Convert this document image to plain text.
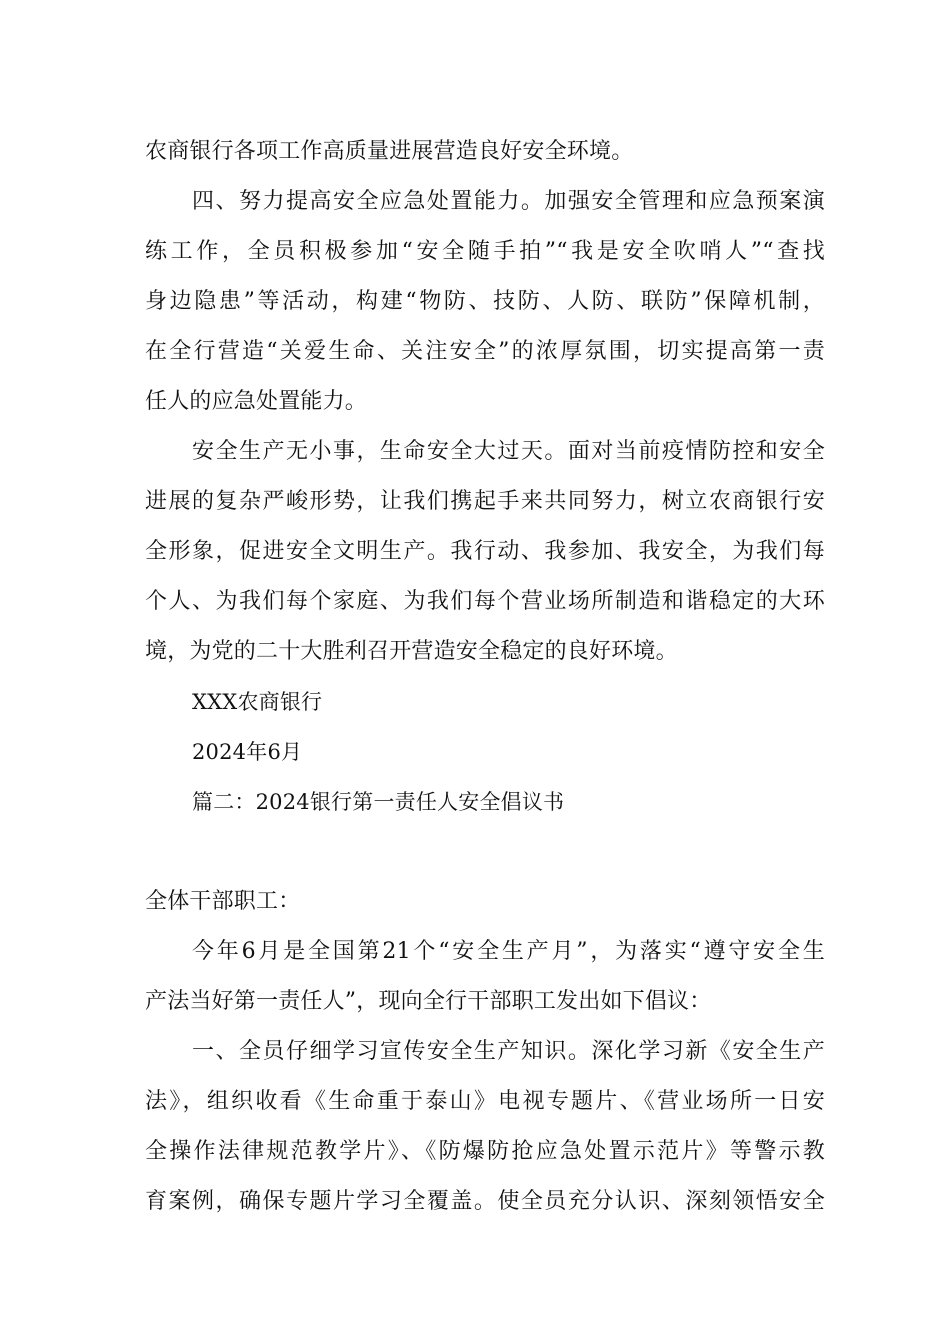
农商银行各项工作高质量进展营造良好安全环境。
四、努力提高安全应急处置能力。加强安全管理和应急预案演
练工作，全员积极参加“安全随手拍”“我是安全吹哨人”“查找
身边隐患”等活动，构建“物防、技防、人防、联防”保障机制，
在全行营造“关爱生命、关注安全”的浓厚氛围，切实提高第一责
任人的应急处置能力。
安全生产无小事，生命安全大过天。面对当前疫情防控和安全
进展的复杂严峻形势，让我们携起手来共同努力，树立农商银行安
全形象，促进安全文明生产。我行动、我参加、我安全，为我们每
个人、为我们每个家庭、为我们每个营业场所制造和谐稳定的大环
境，为党的二十大胜利召开营造安全稳定的良好环境。
XXX农商银行
2024年6月
篇二：2024银行第一责任人安全倡议书
全体干部职工：
今年6月是全国第21个“安全生产月”，为落实“遵守安全生
产法当好第一责任人”，现向全行干部职工发出如下倡议：
一、全员仔细学习宣传安全生产知识。深化学习新《安全生产
法》，组织收看《生命重于泰山》电视专题片、《营业场所一日安
全操作法律规范教学片》、《防爆防抢应急处置示范片》等警示教
育案例，确保专题片学习全覆盖。使全员充分认识、深刻领悟安全
